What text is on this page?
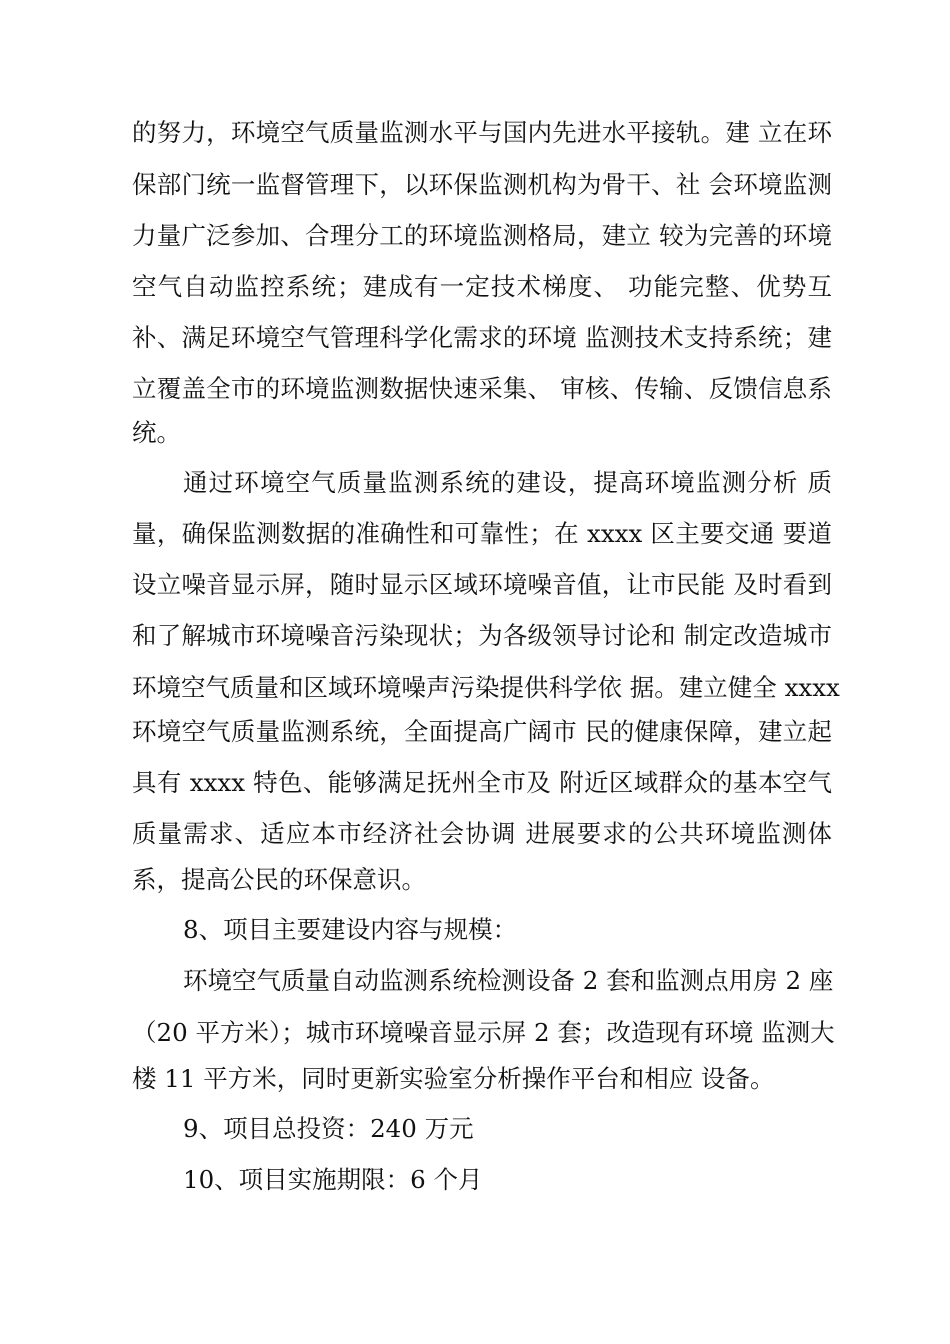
的努力，环境空气质量监测水平与国内先进水平接轨。建 立在环
保部门统一监督管理下，以环保监测机构为骨干、社 会环境监测
力量广泛参加、合理分工的环境监测格局，建立 较为完善的环境
空气自动监控系统；建成有一定技术梯度、 功能完整、优势互
补、满足环境空气管理科学化需求的环境 监测技术支持系统；建
立覆盖全市的环境监测数据快速采集、 审核、传输、反馈信息系
统。
通过环境空气质量监测系统的建设，提高环境监测分析 质
量，确保监测数据的准确性和可靠性；在 xxxx 区主要交通 要道
设立噪音显示屏，随时显示区域环境噪音值，让市民能 及时看到
和了解城市环境噪音污染现状；为各级领导讨论和 制定改造城市
环境空气质量和区域环境噪声污染提供科学依 据。建立健全 xxxx
环境空气质量监测系统，全面提高广阔市 民的健康保障，建立起
具有 xxxx 特色、能够满足抚州全市及 附近区域群众的基本空气
质量需求、适应本市经济社会协调 进展要求的公共环境监测体
系，提高公民的环保意识。
8、项目主要建设内容与规模：
环境空气质量自动监测系统检测设备 2 套和监测点用房 2 座
（20 平方米）；城市环境噪音显示屏 2 套；改造现有环境 监测大
楼 11 平方米，同时更新实验室分析操作平台和相应 设备。
9、项目总投资：240 万元
10、项目实施期限：6 个月
